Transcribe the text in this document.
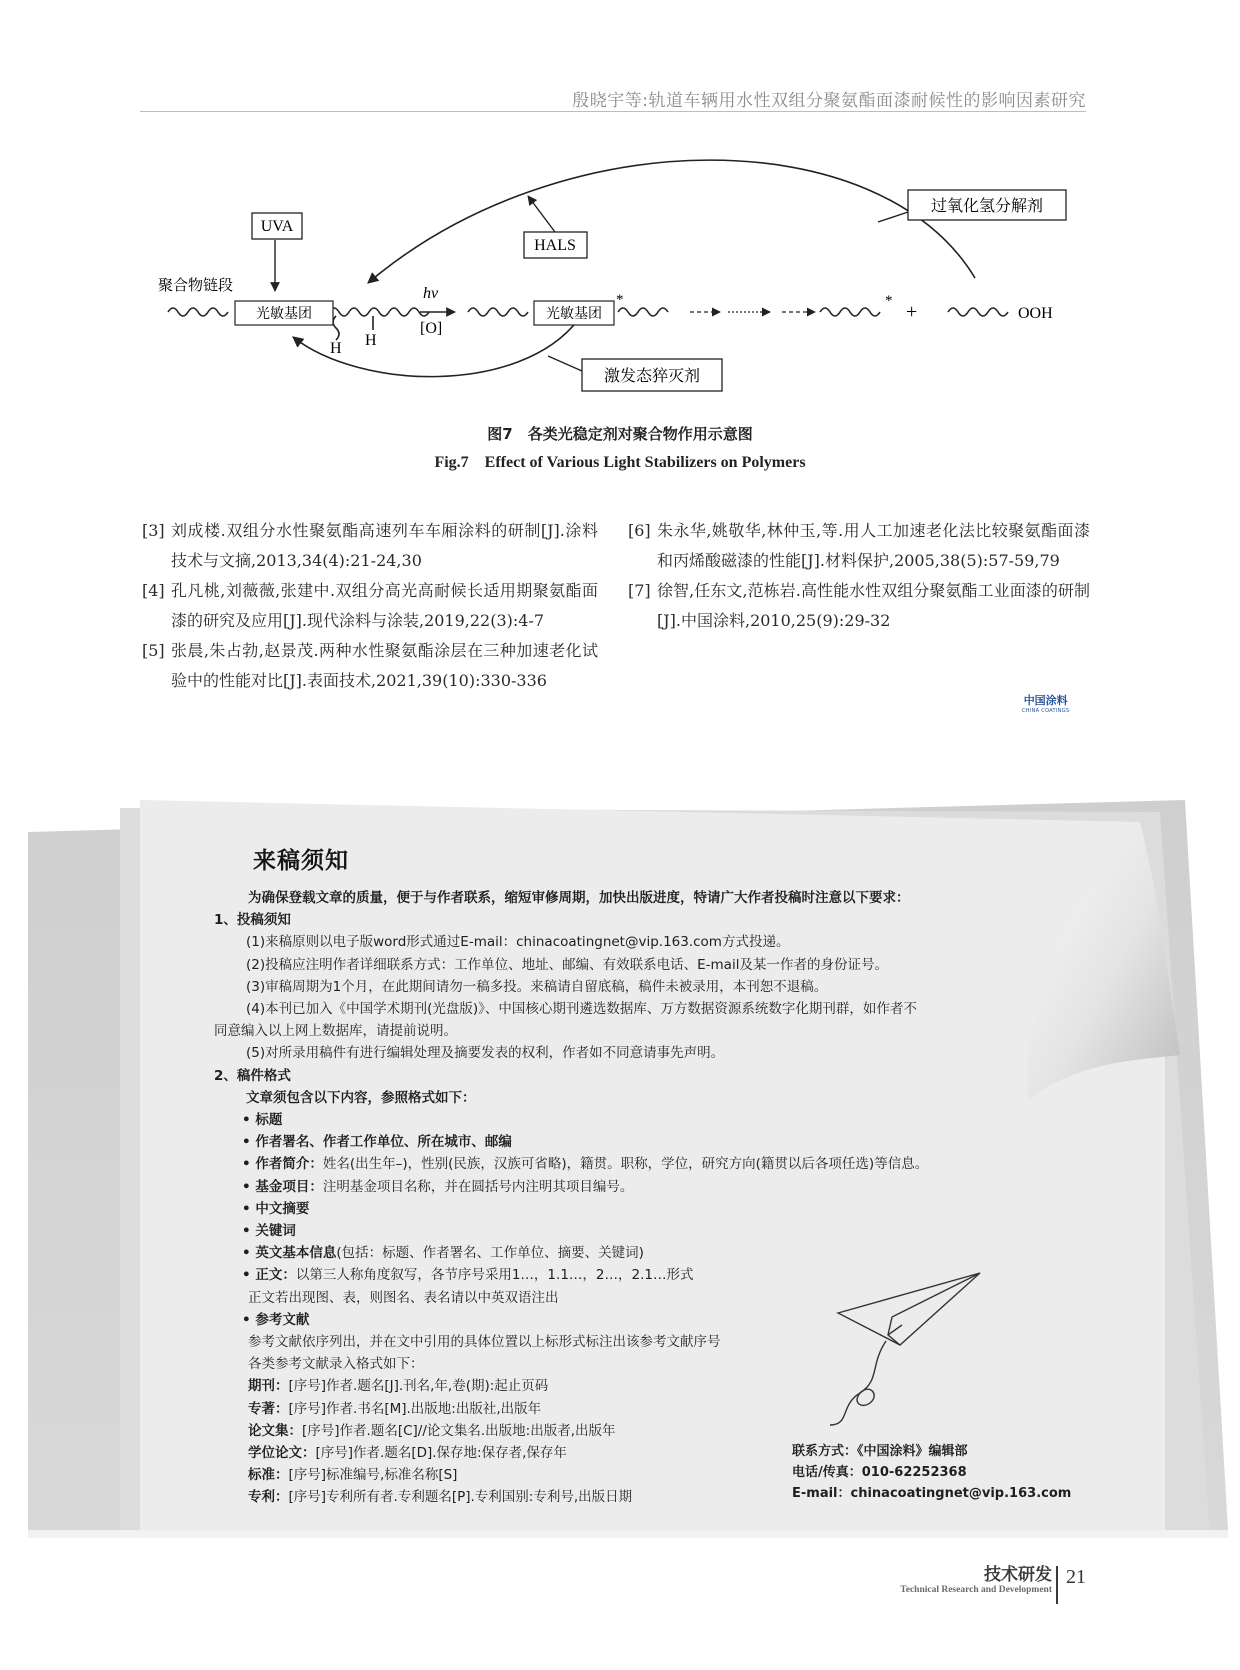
殷晓宇等:轨道车辆用水性双组分聚氨酯面漆耐候性的影响因素研究
UVA
HALS
过氧化氢分解剂
激发态猝灭剂
聚合物链段
光敏基团	光敏基团
*	*
H H
hv
[O]
+	OOH
图7　各类光稳定剂对聚合物作用示意图
Fig.7　Effect of Various Light Stabilizers on Polymers
[3] 刘成楼.双组分水性聚氨酯高速列车车厢涂料的研制[J].涂料技术与文摘,2013,34(4):21-24,30
[4] 孔凡桃,刘薇薇,张建中.双组分高光高耐候长适用期聚氨酯面漆的研究及应用[J].现代涂料与涂装,2019,22(3):4-7
[5] 张晨,朱占勃,赵景茂.两种水性聚氨酯涂层在三种加速老化试验中的性能对比[J].表面技术,2021,39(10):330-336
[6] 朱永华,姚敬华,林仲玉,等.用人工加速老化法比较聚氨酯面漆和丙烯酸磁漆的性能[J].材料保护,2005,38(5):57-59,79
[7] 徐智,任东文,范栋岩.高性能水性双组分聚氨酯工业面漆的研制[J].中国涂料,2010,25(9):29-32
中国涂料
CHINA COATINGS
来稿须知
为确保登载文章的质量，便于与作者联系，缩短审修周期，加快出版进度，特请广大作者投稿时注意以下要求：
1、投稿须知
(1)来稿原则以电子版word形式通过E-mail：chinacoatingnet@vip.163.com方式投递。
(2)投稿应注明作者详细联系方式：工作单位、地址、邮编、有效联系电话、E-mail及某一作者的身份证号。
(3)审稿周期为1个月，在此期间请勿一稿多投。来稿请自留底稿，稿件未被录用，本刊恕不退稿。
(4)本刊已加入《中国学术期刊(光盘版)》、中国核心期刊遴选数据库、万方数据资源系统数字化期刊群，如作者不
同意编入以上网上数据库，请提前说明。
(5)对所录用稿件有进行编辑处理及摘要发表的权利，作者如不同意请事先声明。
2、稿件格式
文章须包含以下内容，参照格式如下：
• 标题
• 作者署名、作者工作单位、所在城市、邮编
• 作者简介：姓名(出生年–)，性别(民族，汉族可省略)，籍贯。职称，学位，研究方向(籍贯以后各项任选)等信息。
• 基金项目：注明基金项目名称，并在圆括号内注明其项目编号。
• 中文摘要
• 关键词
• 英文基本信息(包括：标题、作者署名、工作单位、摘要、关键词)
• 正文：以第三人称角度叙写，各节序号采用1…，1.1…，2…，2.1…形式
正文若出现图、表，则图名、表名请以中英双语注出
• 参考文献
参考文献依序列出，并在文中引用的具体位置以上标形式标注出该参考文献序号
各类参考文献录入格式如下：
期刊：[序号]作者.题名[J].刊名,年,卷(期):起止页码
专著：[序号]作者.书名[M].出版地:出版社,出版年
论文集：[序号]作者.题名[C]//论文集名.出版地:出版者,出版年
学位论文：[序号]作者.题名[D].保存地:保存者,保存年
标准：[序号]标准编号,标准名称[S]
专利：[序号]专利所有者.专利题名[P].专利国别:专利号,出版日期
联系方式：《中国涂料》编辑部
电话/传真：010-62252368
E-mail：chinacoatingnet@vip.163.com
技术研发
Technical Research and Development
21
